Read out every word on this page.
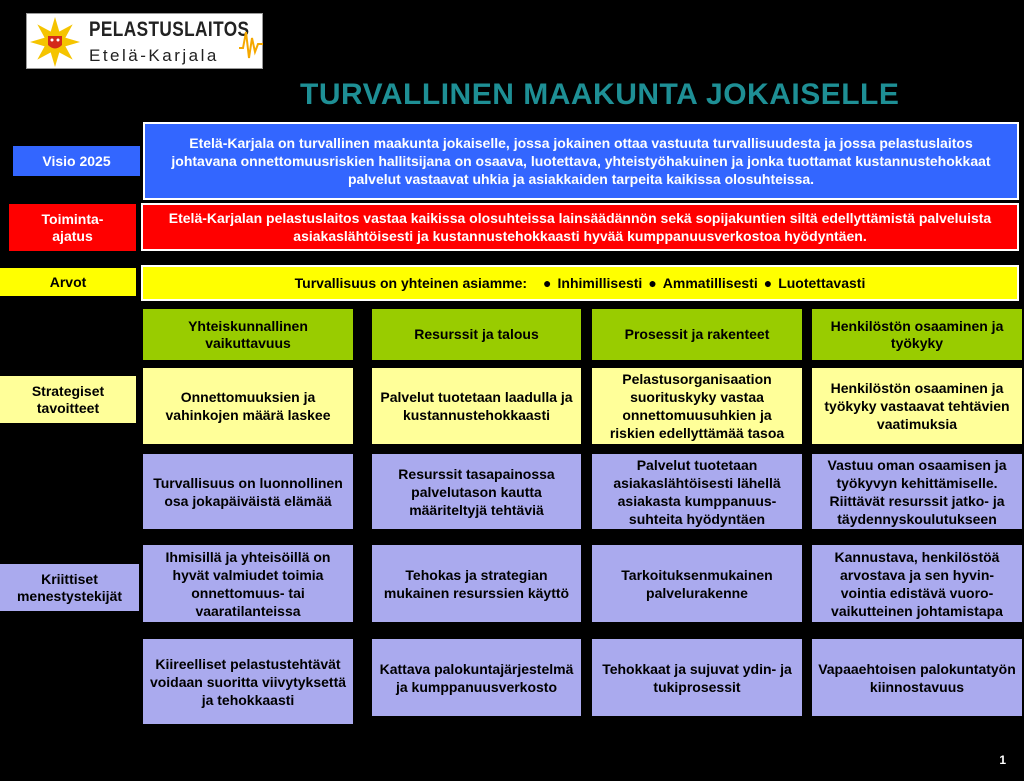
PELASTUSLAITOS
Etelä-Karjala
TURVALLINEN MAAKUNTA JOKAISELLE
Visio 2025
Etelä-Karjala on turvallinen maakunta jokaiselle, jossa jokainen ottaa vastuuta turvallisuudesta ja jossa pelastuslaitos johtavana onnettomuusriskien hallitsijana on osaava, luotettava, yhteistyöhakuinen ja jonka tuottamat kustannustehokkaat palvelut vastaavat uhkia ja asiakkaiden tarpeita kaikissa olosuhteissa.
Toiminta-
ajatus
Etelä-Karjalan pelastuslaitos vastaa kaikissa olosuhteissa lainsäädännön sekä sopijakuntien siltä edellyttämistä palveluista asiakaslähtöisesti ja kustannustehokkaasti hyvää kumppanuusverkostoa hyödyntäen.
Arvot	Turvallisuus on yhteinen asiamme: ● Inhimillisesti ● Ammatillisesti ● Luotettavasti
Yhteiskunnallinen vaikuttavuus
Resurssit ja talous	Prosessit ja rakenteet
Henkilöstön osaaminen ja työkyky
Strategiset
tavoitteet
Onnettomuuksien ja vahinkojen määrä laskee
Palvelut tuotetaan laadulla ja kustannustehokkaasti
Pelastusorganisaation suorituskyky vastaa onnettomuusuhkien ja riskien edellyttämää tasoa
Henkilöstön osaaminen ja työkyky vastaavat tehtävien vaatimuksia
Kriittiset
menestystekijät
Turvallisuus on luonnollinen osa jokapäiväistä elämää
Resurssit tasapainossa palvelutason kautta määriteltyjä tehtäviä
Palvelut tuotetaan asiakaslähtöisesti lähellä asiakasta kumppanuus-suhteita hyödyntäen
Vastuu oman osaamisen ja työkyvyn kehittämiselle. Riittävät resurssit jatko- ja täydennyskoulutukseen
Ihmisillä ja yhteisöillä on hyvät valmiudet toimia onnettomuus- tai vaaratilanteissa
Tehokas ja strategian mukainen resurssien käyttö
Tarkoituksenmukainen palvelurakenne
Kannustava, henkilöstöä arvostava ja sen hyvin-vointia edistävä vuoro-vaikutteinen johtamistapa
Kiireelliset pelastustehtävät voidaan suoritta viivytyksettä ja tehokkaasti
Kattava palokuntajärjestelmä ja kumppanuusverkosto
Tehokkaat ja sujuvat ydin- ja tukiprosessit
Vapaaehtoisen palokuntatyön kiinnostavuus
1
